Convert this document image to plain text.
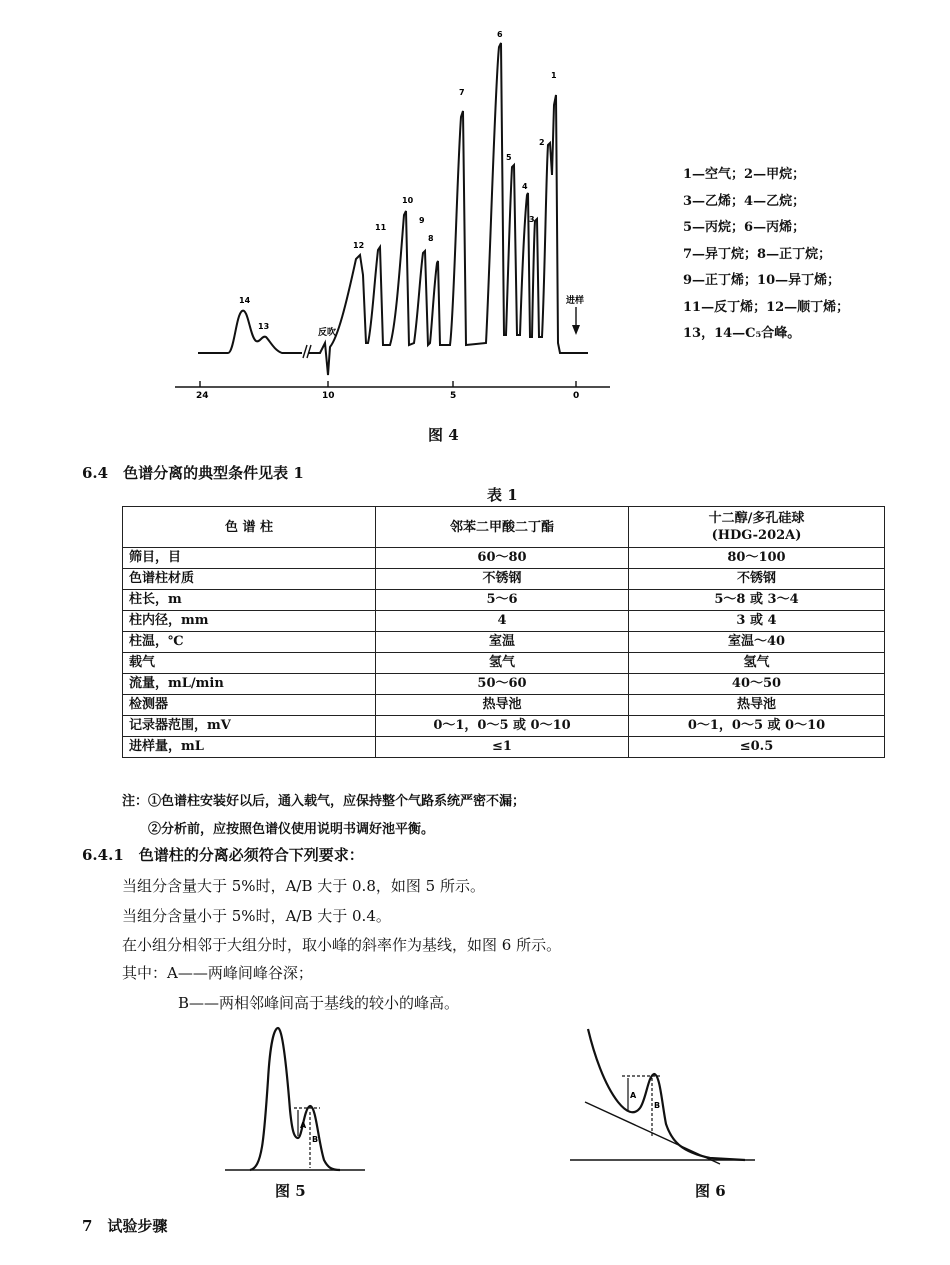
24	10	5	0
反吹
进样
14
13
12
11
10
9
8
7
6
5
4
3
2
1
1—空气；2—甲烷；
3—乙烯；4—乙烷；
5—丙烷；6—丙烯；
7—异丁烷；8—正丁烷；
9—正丁烯；10—异丁烯；
11—反丁烯；12—顺丁烯；
13，14—C₅合峰。
图 4
6.4　色谱分离的典型条件见表 1
表 1
色 谱 柱	邻苯二甲酸二丁酯	十二醇/多孔硅球
(HDG-202A)

筛目，目	60～80	80～100
色谱柱材质	不锈钢	不锈钢
柱长，m	5～6	5～8 或 3～4
柱内径，mm	4	3 或 4
柱温，℃	室温	室温～40
载气	氢气	氢气
流量，mL/min	50～60	40～50
检测器	热导池	热导池
记录器范围，mV	0～1，0～5 或 0～10	0～1，0～5 或 0～10
进样量，mL	≤1	≤0.5
注：①色谱柱安装好以后，通入载气，应保持整个气路系统严密不漏；
②分析前，应按照色谱仪使用说明书调好池平衡。
6.4.1　色谱柱的分离必须符合下列要求：
当组分含量大于 5%时，A/B 大于 0.8，如图 5 所示。
当组分含量小于 5%时，A/B 大于 0.4。
在小组分相邻于大组分时，取小峰的斜率作为基线，如图 6 所示。
其中：A——两峰间峰谷深；
B——两相邻峰间高于基线的较小的峰高。
A
B
图 5
A
B
图 6
7　试验步骤
